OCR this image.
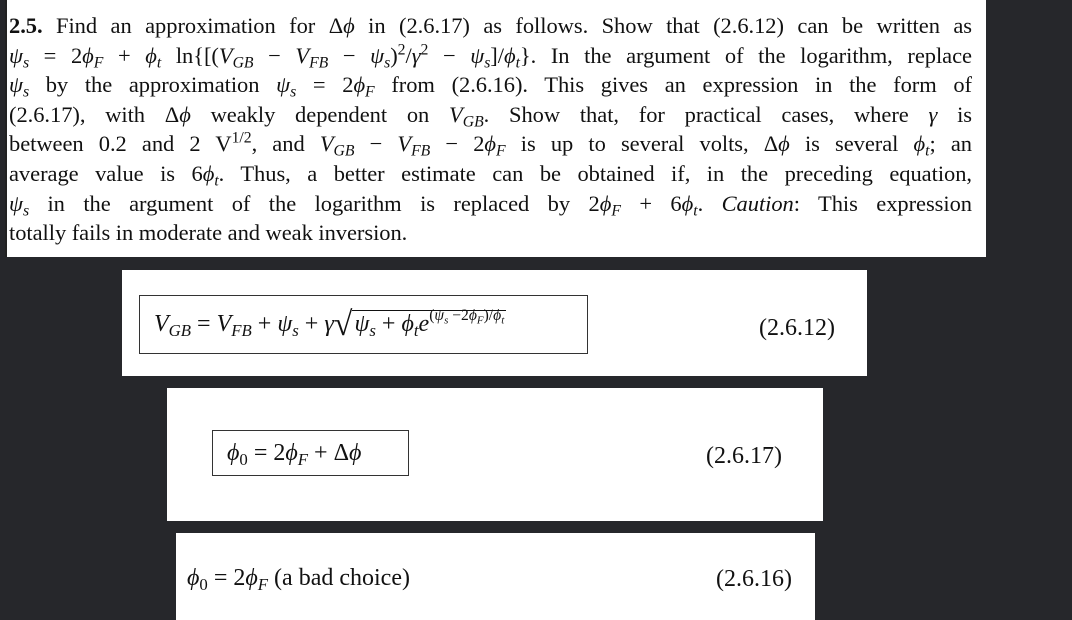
2.5. Find an approximation for Δϕ in (2.6.17) as follows. Show that (2.6.12) can be written as
$\psi_s = 2\phi_F + \phi_t$ $\ln\{[(V_{GB} - V_{FB} - \psi_s)^2/\gamma^2 - \psi_s]/\phi_t\}$. In the argument of the logarithm, replace
$\psi_s$ by the approximation $\psi_s = 2\phi_F$ from (2.6.16). This gives an expression in the form of
(2.6.17), with Δϕ weakly dependent on $V_{GB}$. Show that, for practical cases, where γ is
between 0.2 and 2 $V^{1/2}$, and $V_{GB} - V_{FB} - 2\phi_F$ is up to several volts, Δϕ is several $\phi_t$; an
average value is $6\phi_t$. Thus, a better estimate can be obtained if, in the preceding equation,
$\psi_s$ in the argument of the logarithm is replaced by $2\phi_F + 6\phi_t$. Caution: This expression
totally fails in moderate and weak inversion.

$V_{GB} = V_{FB} + \psi_s + \gamma√\psi_s + \phi_te^{(\psi_s -2\phi_F)/\phi_t}$	(2.6.12)
$\phi_0 = 2\phi_F + \Delta\phi$	(2.6.17)
$\phi_0 = 2\phi_F$ (a bad choice)	(2.6.16)
